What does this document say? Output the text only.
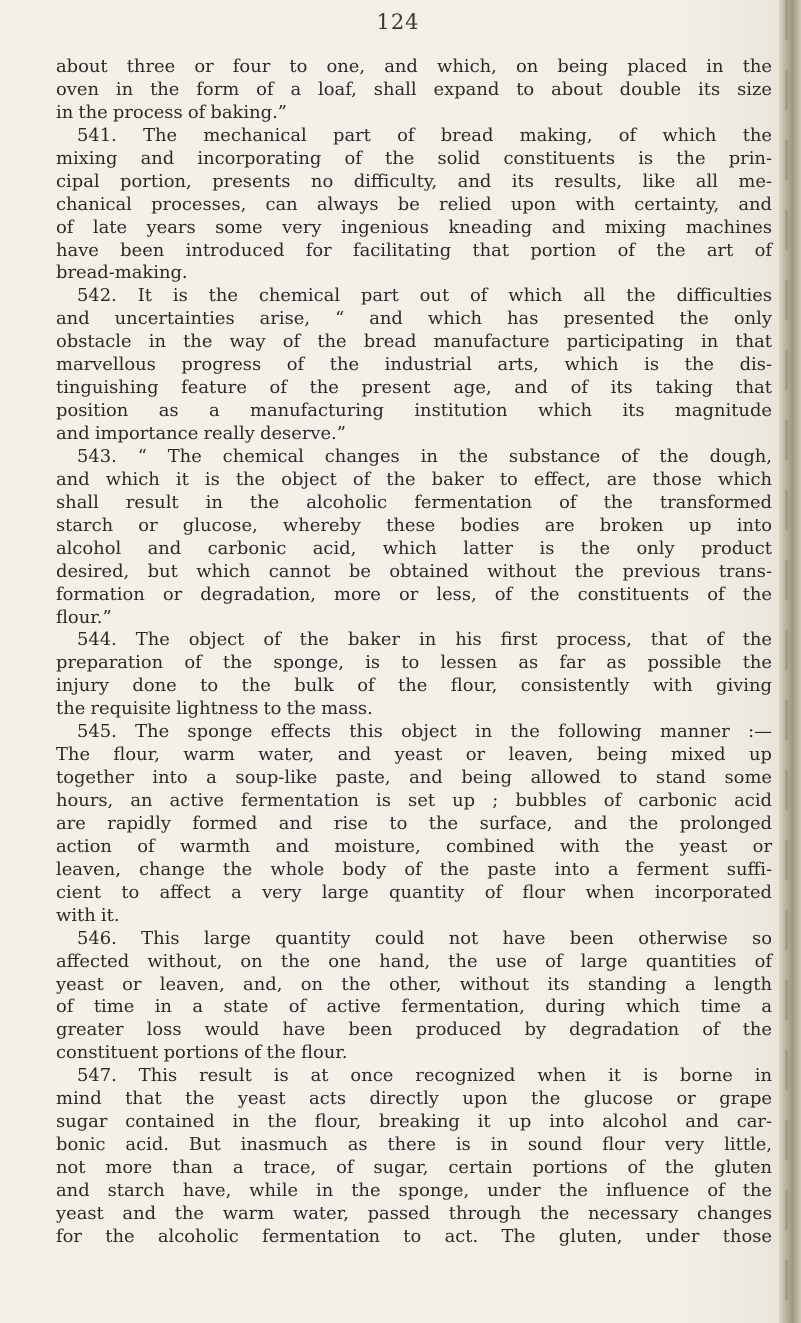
124
about three or four to one, and which, on being placed in the
oven in the form of a loaf, shall expand to about double its size
in the process of baking.”
541. The mechanical part of bread making, of which the
mixing and incorporating of the solid constituents is the prin-
cipal portion, presents no difficulty, and its results, like all me-
chanical processes, can always be relied upon with certainty, and
of late years some very ingenious kneading and mixing machines
have been introduced for facilitating that portion of the art of
bread-making.
542. It is the chemical part out of which all the difficulties
and uncertainties arise, “ and which has presented the only
obstacle in the way of the bread manufacture participating in that
marvellous progress of the industrial arts, which is the dis-
tinguishing feature of the present age, and of its taking that
position as a manufacturing institution which its magnitude
and importance really deserve.”
543. “ The chemical changes in the substance of the dough,
and which it is the object of the baker to effect, are those which
shall result in the alcoholic fermentation of the transformed
starch or glucose, whereby these bodies are broken up into
alcohol and carbonic acid, which latter is the only product
desired, but which cannot be obtained without the previous trans-
formation or degradation, more or less, of the constituents of the
flour.”
544. The object of the baker in his first process, that of the
preparation of the sponge, is to lessen as far as possible the
injury done to the bulk of the flour, consistently with giving
the requisite lightness to the mass.
545. The sponge effects this object in the following manner :—
The flour, warm water, and yeast or leaven, being mixed up
together into a soup-like paste, and being allowed to stand some
hours, an active fermentation is set up ; bubbles of carbonic acid
are rapidly formed and rise to the surface, and the prolonged
action of warmth and moisture, combined with the yeast or
leaven, change the whole body of the paste into a ferment suffi-
cient to affect a very large quantity of flour when incorporated
with it.
546. This large quantity could not have been otherwise so
affected without, on the one hand, the use of large quantities of
yeast or leaven, and, on the other, without its standing a length
of time in a state of active fermentation, during which time a
greater loss would have been produced by degradation of the
constituent portions of the flour.
547. This result is at once recognized when it is borne in
mind that the yeast acts directly upon the glucose or grape
sugar contained in the flour, breaking it up into alcohol and car-
bonic acid. But inasmuch as there is in sound flour very little,
not more than a trace, of sugar, certain portions of the gluten
and starch have, while in the sponge, under the influence of the
yeast and the warm water, passed through the necessary changes
for the alcoholic fermentation to act. The gluten, under those
